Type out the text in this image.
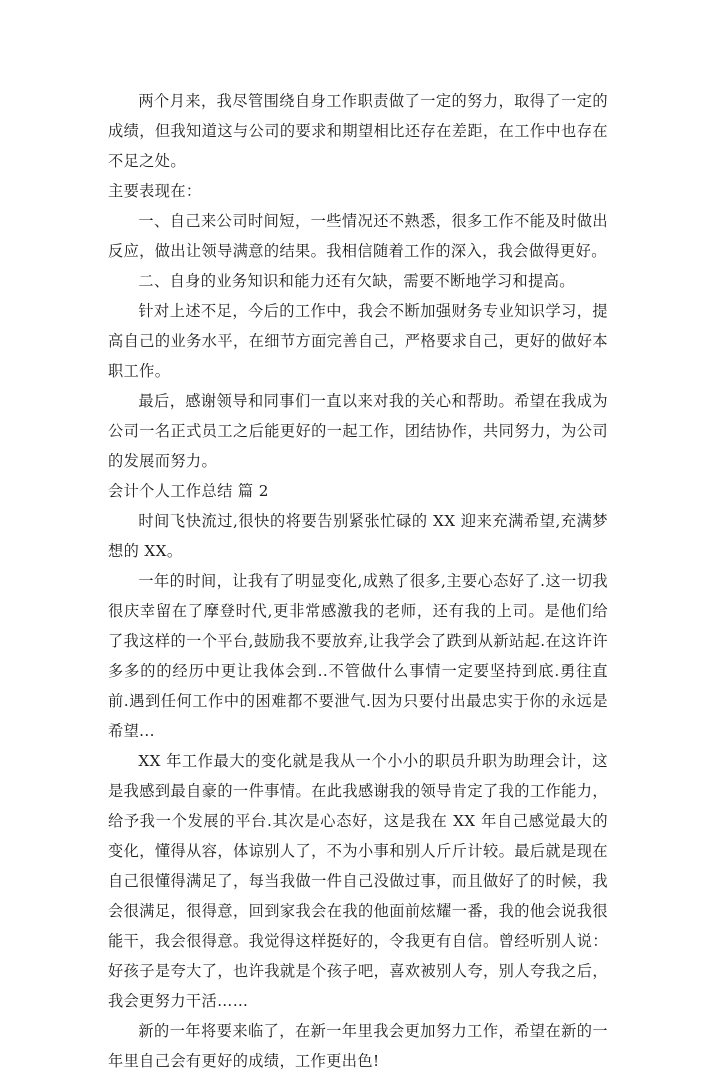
两个月来，我尽管围绕自身工作职责做了一定的努力，取得了一定的成绩，但我知道这与公司的要求和期望相比还存在差距，在工作中也存在不足之处。

主要表现在：

一、自己来公司时间短，一些情况还不熟悉，很多工作不能及时做出反应，做出让领导满意的结果。我相信随着工作的深入，我会做得更好。

二、自身的业务知识和能力还有欠缺，需要不断地学习和提高。

针对上述不足，今后的工作中，我会不断加强财务专业知识学习，提高自己的业务水平，在细节方面完善自己，严格要求自己，更好的做好本职工作。

最后，感谢领导和同事们一直以来对我的关心和帮助。希望在我成为公司一名正式员工之后能更好的一起工作，团结协作，共同努力，为公司的发展而努力。

会计个人工作总结 篇 2

时间飞快流过,很快的将要告别紧张忙碌的 XX 迎来充满希望,充满梦想的 XX。

一年的时间，让我有了明显变化,成熟了很多,主要心态好了.这一切我很庆幸留在了摩登时代,更非常感激我的老师，还有我的上司。是他们给了我这样的一个平台,鼓励我不要放弃,让我学会了跌到从新站起.在这许许多多的的经历中更让我体会到..不管做什么事情一定要坚持到底.勇往直前.遇到任何工作中的困难都不要泄气.因为只要付出最忠实于你的永远是希望...

XX 年工作最大的变化就是我从一个小小的职员升职为助理会计，这是我感到最自豪的一件事情。在此我感谢我的领导肯定了我的工作能力，给予我一个发展的平台.其次是心态好，这是我在 XX 年自己感觉最大的变化，懂得从容，体谅别人了，不为小事和别人斤斤计较。最后就是现在自己很懂得满足了，每当我做一件自己没做过事，而且做好了的时候，我会很满足，很得意，回到家我会在我的他面前炫耀一番，我的他会说我很能干，我会很得意。我觉得这样挺好的，令我更有自信。曾经听别人说：好孩子是夸大了，也许我就是个孩子吧，喜欢被别人夸，别人夸我之后，我会更努力干活……

新的一年将要来临了，在新一年里我会更加努力工作，希望在新的一年里自己会有更好的成绩，工作更出色!
